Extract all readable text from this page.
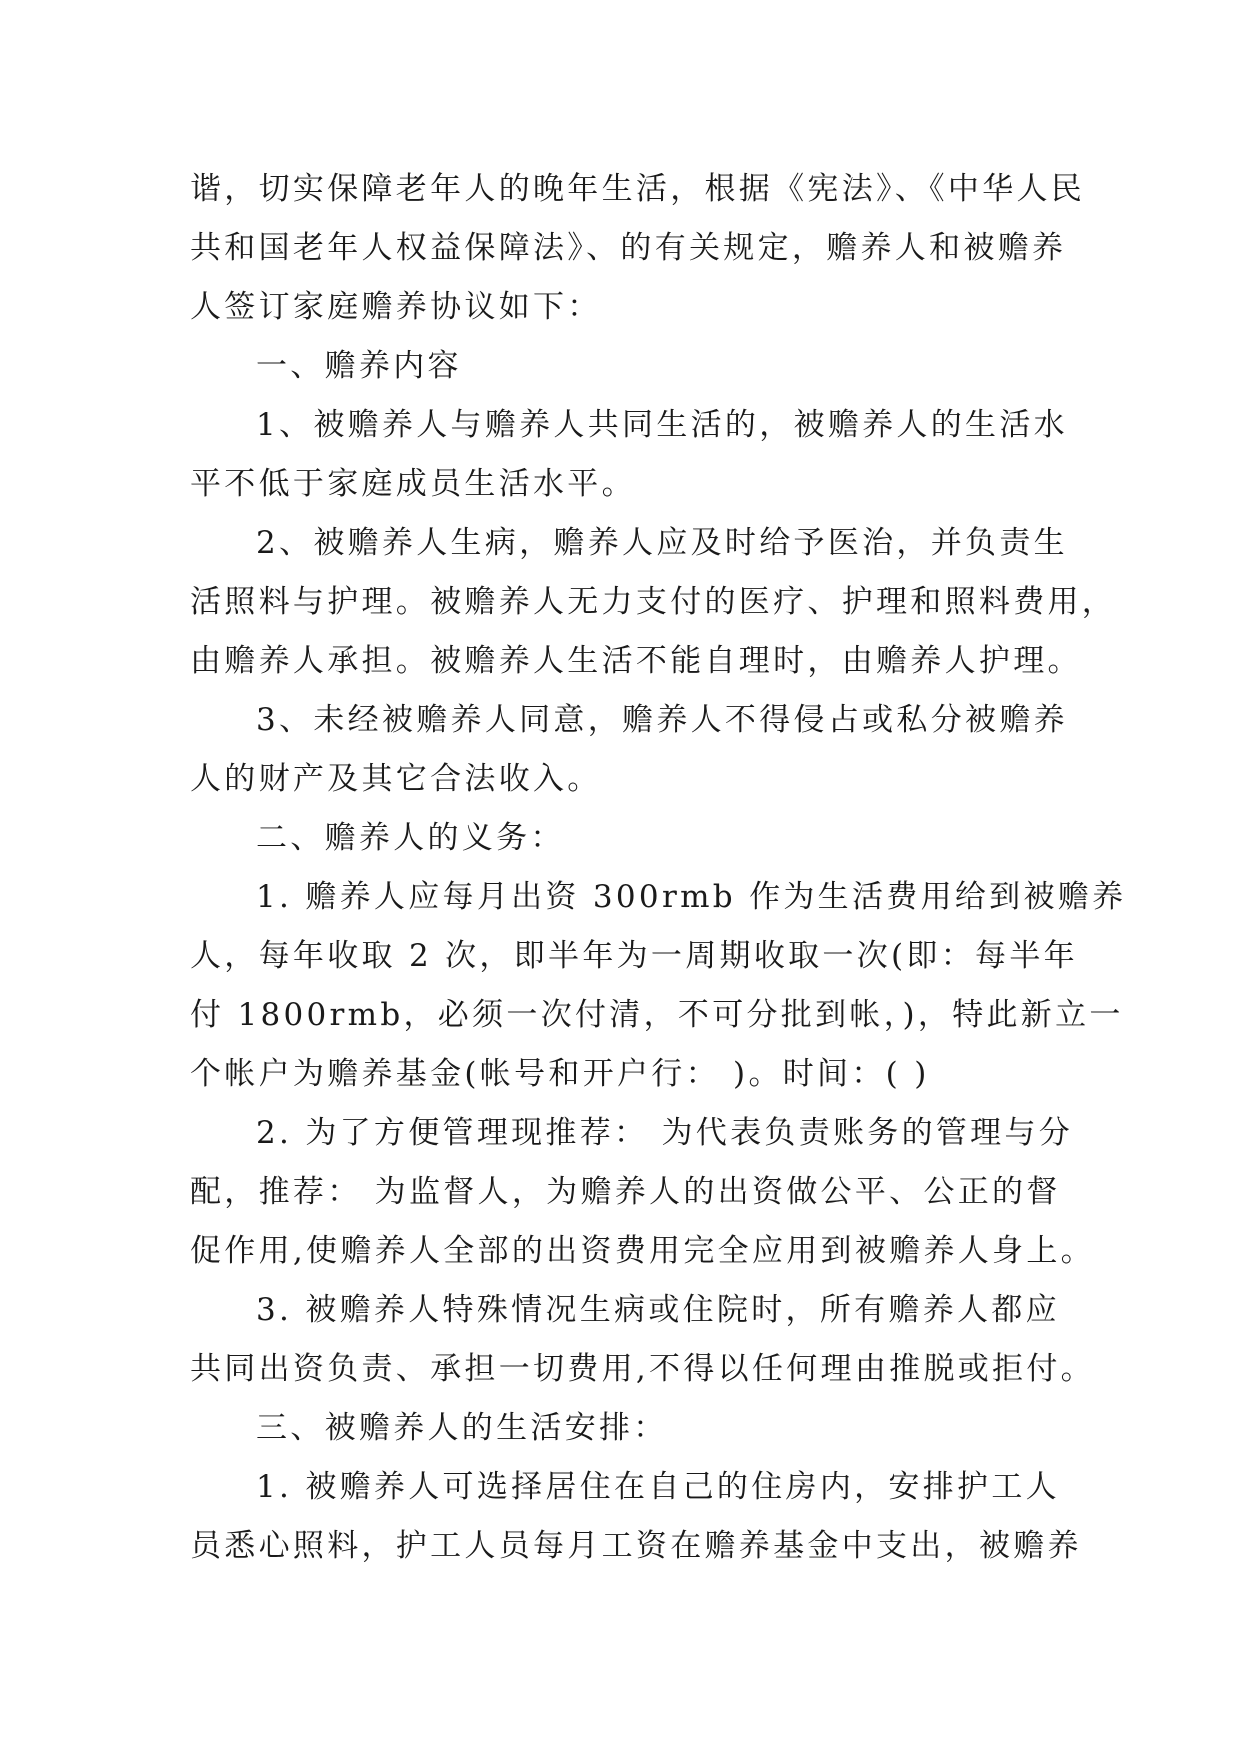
谐，切实保障老年人的晚年生活，根据《宪法》、《中华人民
共和国老年人权益保障法》、的有关规定，赡养人和被赡养
人签订家庭赡养协议如下：
一、赡养内容
1、被赡养人与赡养人共同生活的，被赡养人的生活水
平不低于家庭成员生活水平。
2、被赡养人生病，赡养人应及时给予医治，并负责生
活照料与护理。被赡养人无力支付的医疗、护理和照料费用，
由赡养人承担。被赡养人生活不能自理时，由赡养人护理。
3、未经被赡养人同意，赡养人不得侵占或私分被赡养
人的财产及其它合法收入。
二、赡养人的义务：
1. 赡养人应每月出资 300rmb 作为生活费用给到被赡养
人，每年收取 2 次，即半年为一周期收取一次(即：每半年
付 1800rmb，必须一次付清，不可分批到帐，)，特此新立一
个帐户为赡养基金(帐号和开户行： )。时间：( )
2. 为了方便管理现推荐： 为代表负责账务的管理与分
配，推荐： 为监督人，为赡养人的出资做公平、公正的督
促作用,使赡养人全部的出资费用完全应用到被赡养人身上。
3. 被赡养人特殊情况生病或住院时，所有赡养人都应
共同出资负责、承担一切费用,不得以任何理由推脱或拒付。
三、被赡养人的生活安排：
1. 被赡养人可选择居住在自己的住房内，安排护工人
员悉心照料，护工人员每月工资在赡养基金中支出，被赡养
